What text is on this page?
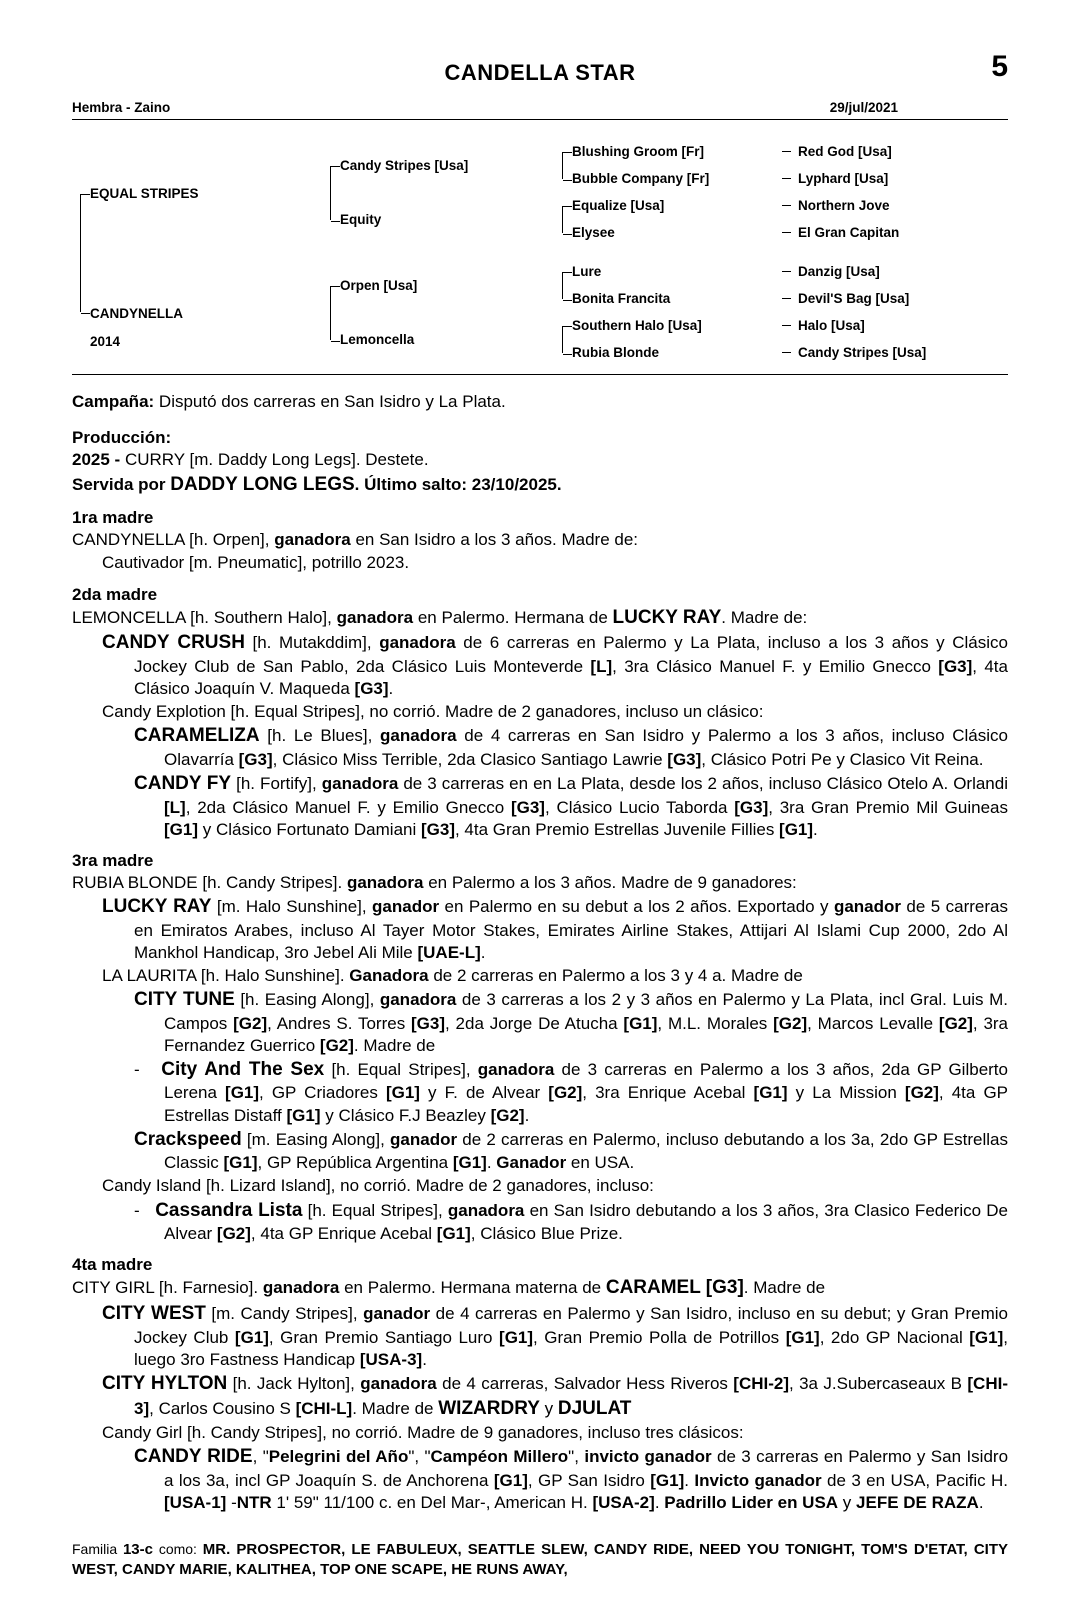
CANDELLA STAR	5
Hembra - Zaino	29/jul/2021
EQUAL STRIPES
CANDYNELLA
2014
Candy Stripes [Usa]
Equity
Orpen [Usa]
Lemoncella
Blushing Groom [Fr]
Bubble Company [Fr]
Equalize [Usa]
Elysee
Lure
Bonita Francita
Southern Halo [Usa]
Rubia Blonde
Red God [Usa]
Lyphard [Usa]
Northern Jove
El Gran Capitan
Danzig [Usa]
Devil'S Bag [Usa]
Halo [Usa]
Candy Stripes [Usa]
Campaña: Disputó dos carreras en San Isidro y La Plata.
Producción:
2025 - CURRY [m. Daddy Long Legs]. Destete.
Servida por DADDY LONG LEGS. Último salto: 23/10/2025.
1ra madre
CANDYNELLA [h. Orpen], ganadora en San Isidro a los 3 años. Madre de:
Cautivador [m. Pneumatic], potrillo 2023.
2da madre
LEMONCELLA [h. Southern Halo], ganadora en Palermo. Hermana de LUCKY RAY. Madre de:
CANDY CRUSH [h. Mutakddim], ganadora de 6 carreras en Palermo y La Plata, incluso a los 3 años y Clásico Jockey Club de San Pablo, 2da Clásico Luis Monteverde [L], 3ra Clásico Manuel F. y Emilio Gnecco [G3], 4ta Clásico Joaquín V. Maqueda [G3].
Candy Explotion [h. Equal Stripes], no corrió. Madre de 2 ganadores, incluso un clásico:
CARAMELIZA [h. Le Blues], ganadora de 4 carreras en San Isidro y Palermo a los 3 años, incluso Clásico Olavarría [G3], Clásico Miss Terrible, 2da Clasico Santiago Lawrie [G3], Clásico Potri Pe y Clasico Vit Reina.
CANDY FY [h. Fortify], ganadora de 3 carreras en en La Plata, desde los 2 años, incluso Clásico Otelo A. Orlandi [L], 2da Clásico Manuel F. y Emilio Gnecco [G3], Clásico Lucio Taborda [G3], 3ra Gran Premio Mil Guineas [G1] y Clásico Fortunato Damiani [G3], 4ta Gran Premio Estrellas Juvenile Fillies [G1].
3ra madre
RUBIA BLONDE [h. Candy Stripes]. ganadora en Palermo a los 3 años. Madre de 9 ganadores:
LUCKY RAY [m. Halo Sunshine], ganador en Palermo en su debut a los 2 años. Exportado y ganador de 5 carreras en Emiratos Arabes, incluso Al Tayer Motor Stakes, Emirates Airline Stakes, Attijari Al Islami Cup 2000, 2do Al Mankhol Handicap, 3ro Jebel Ali Mile [UAE-L].
LA LAURITA [h. Halo Sunshine]. Ganadora de 2 carreras en Palermo a los 3 y 4 a. Madre de
CITY TUNE [h. Easing Along], ganadora de 3 carreras a los 2 y 3 años en Palermo y La Plata, incl Gral. Luis M. Campos [G2], Andres S. Torres [G3], 2da Jorge De Atucha [G1], M.L. Morales [G2], Marcos Levalle [G2], 3ra Fernandez Guerrico [G2]. Madre de
-   City And The Sex [h. Equal Stripes], ganadora de 3 carreras en Palermo a los 3 años, 2da GP Gilberto Lerena [G1], GP Criadores [G1] y F. de Alvear [G2], 3ra Enrique Acebal [G1] y La Mission [G2], 4ta GP Estrellas Distaff [G1] y Clásico F.J Beazley [G2].
Crackspeed [m. Easing Along], ganador de 2 carreras en Palermo, incluso debutando a los 3a, 2do GP Estrellas Classic [G1], GP República Argentina [G1]. Ganador en USA.
Candy Island [h. Lizard Island], no corrió. Madre de 2 ganadores, incluso:
-   Cassandra Lista [h. Equal Stripes], ganadora en San Isidro debutando a los 3 años, 3ra Clasico Federico De Alvear [G2], 4ta GP Enrique Acebal [G1], Clásico Blue Prize.
4ta madre
CITY GIRL [h. Farnesio]. ganadora en Palermo. Hermana materna de CARAMEL [G3]. Madre de
CITY WEST [m. Candy Stripes], ganador de 4 carreras en Palermo y San Isidro, incluso en su debut; y Gran Premio Jockey Club [G1], Gran Premio Santiago Luro [G1], Gran Premio Polla de Potrillos [G1], 2do GP Nacional [G1], luego 3ro Fastness Handicap [USA-3].
CITY HYLTON [h. Jack Hylton], ganadora de 4 carreras, Salvador Hess Riveros [CHI-2], 3a J.Subercaseaux B [CHI-3], Carlos Cousino S [CHI-L]. Madre de WIZARDRY y DJULAT
Candy Girl [h. Candy Stripes], no corrió. Madre de 9 ganadores, incluso tres clásicos:
CANDY RIDE, "Pelegrini del Año", "Campéon Millero", invicto ganador de 3 carreras en Palermo y San Isidro a los 3a, incl GP Joaquín S. de Anchorena [G1], GP San Isidro [G1]. Invicto ganador de 3 en USA, Pacific H. [USA-1] -NTR 1' 59" 11/100 c. en Del Mar-, American H. [USA-2]. Padrillo Lider en USA y JEFE DE RAZA.
Familia 13-c como: MR. PROSPECTOR, LE FABULEUX, SEATTLE SLEW, CANDY RIDE, NEED YOU TONIGHT, TOM'S D'ETAT, CITY WEST, CANDY MARIE, KALITHEA, TOP ONE SCAPE, HE RUNS AWAY,
